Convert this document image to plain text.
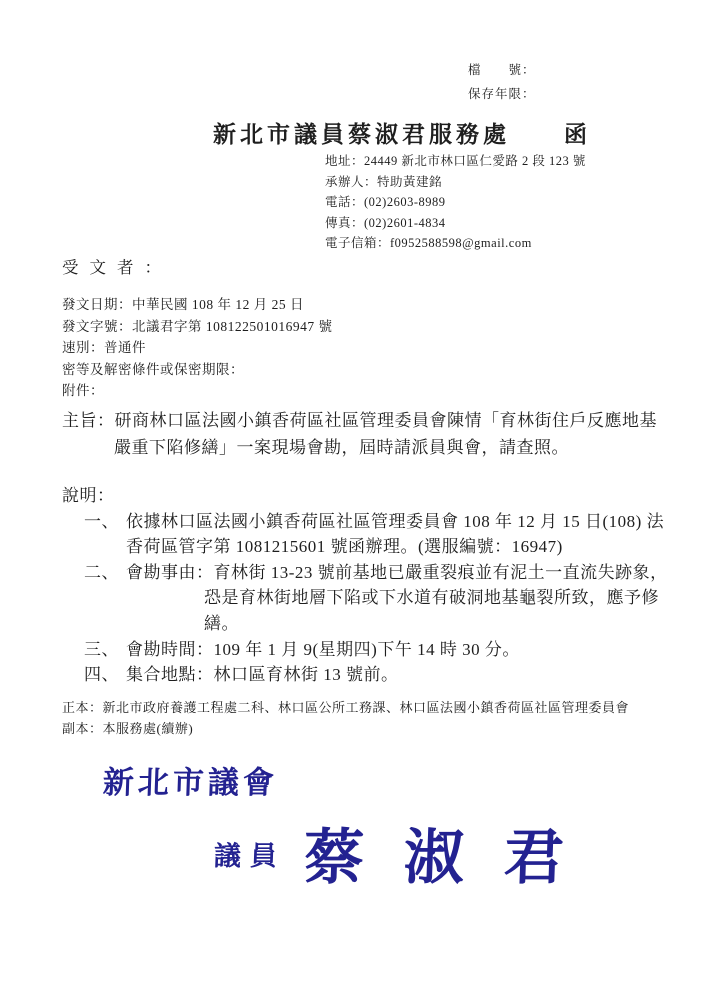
檔　　號：
保存年限：
新北市議員蔡淑君服務處　　函
地址：24449 新北市林口區仁愛路 2 段 123 號
承辦人：特助黃建銘
電話：(02)2603-8989
傳真：(02)2601-4834
電子信箱：f0952588598@gmail.com
受文者：
發文日期：中華民國 108 年 12 月 25 日
發文字號：北議君字第 108122501016947 號
速別：普通件
密等及解密條件或保密期限：
附件：
主旨：研商林口區法國小鎮香荷區社區管理委員會陳情「育林街住戶反應地基
嚴重下陷修繕」一案現場會勘，屆時請派員與會，請查照。
說明：
一、 依據林口區法國小鎮香荷區社區管理委員會 108 年 12 月 15 日(108) 法
香荷區管字第 1081215601 號函辦理。(選服編號：16947)
二、 會勘事由：育林街 13-23 號前基地已嚴重裂痕並有泥土一直流失跡象，
恐是育林街地層下陷或下水道有破洞地基龜裂所致，應予修
繕。
三、 會勘時間：109 年 1 月 9(星期四)下午 14 時 30 分。
四、 集合地點：林口區育林街 13 號前。
正本：新北市政府養護工程處二科、林口區公所工務課、林口區法國小鎮香荷區社區管理委員會
副本：本服務處(續辦)
新北市議會
議員 蔡淑君
